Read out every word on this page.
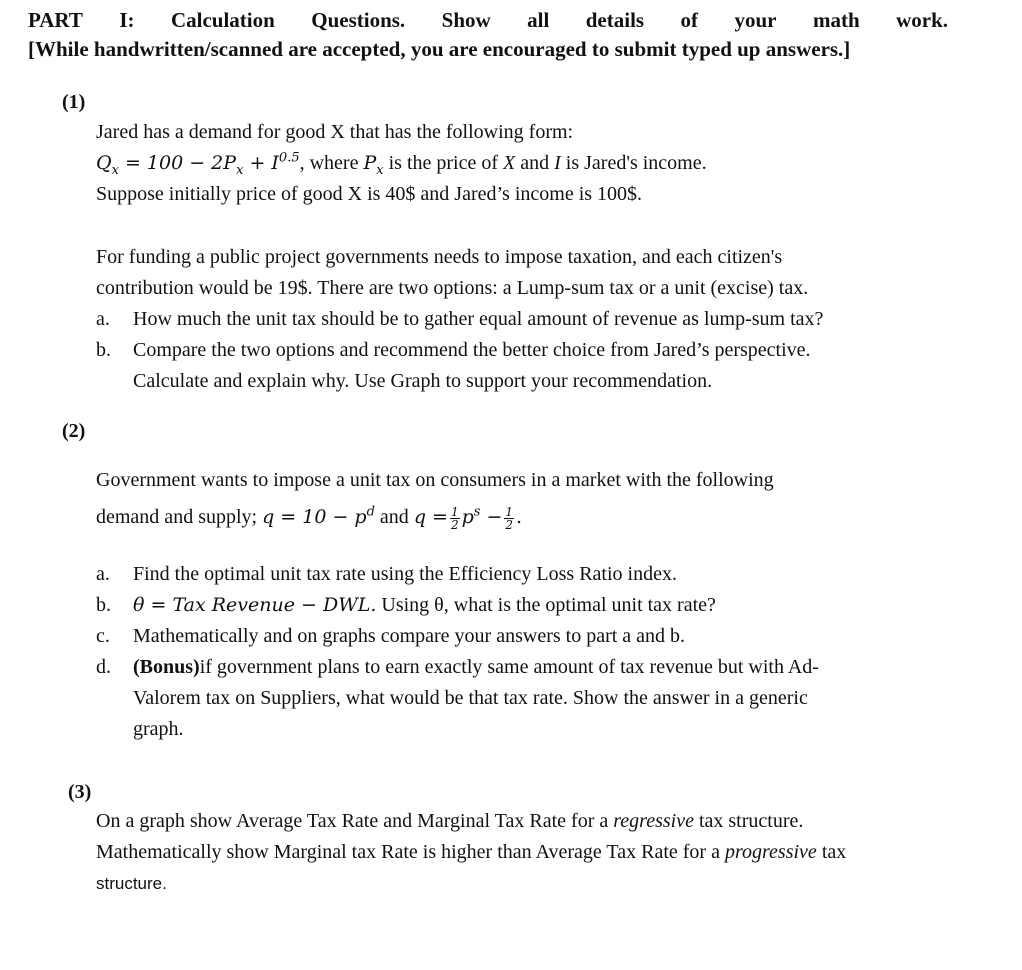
PART I: Calculation Questions. Show all details of your math work.
[While handwritten/scanned are accepted, you are encouraged to submit typed up answers.]
(1)
Jared has a demand for good X that has the following form:
$Q_x = 100 - 2P_x + I^{0.5}$, where $P_x$ is the price of X and I is Jared's income.
Suppose initially price of good X is 40$ and Jared’s income is 100$.
For funding a public project governments needs to impose taxation, and each citizen's
contribution would be 19$. There are two options: a Lump-sum tax or a unit (excise) tax.
a. How much the unit tax should be to gather equal amount of revenue as lump-sum tax?
b. Compare the two options and recommend the better choice from Jared’s perspective.
Calculate and explain why. Use Graph to support your recommendation.
(2)
Government wants to impose a unit tax on consumers in a market with the following
demand and supply; $q = 10 - p^d$ and $q = \frac{1}{2} p^s - \frac{1}{2}$ .
a. Find the optimal unit tax rate using the Efficiency Loss Ratio index.
b. θ = Tax Revenue − DWL. Using θ, what is the optimal unit tax rate?
c. Mathematically and on graphs compare your answers to part a and b.
d. (Bonus)if government plans to earn exactly same amount of tax revenue but with Ad-
Valorem tax on Suppliers, what would be that tax rate. Show the answer in a generic
graph.
(3)
On a graph show Average Tax Rate and Marginal Tax Rate for a regressive tax structure.
Mathematically show Marginal tax Rate is higher than Average Tax Rate for a progressive tax
structure.
